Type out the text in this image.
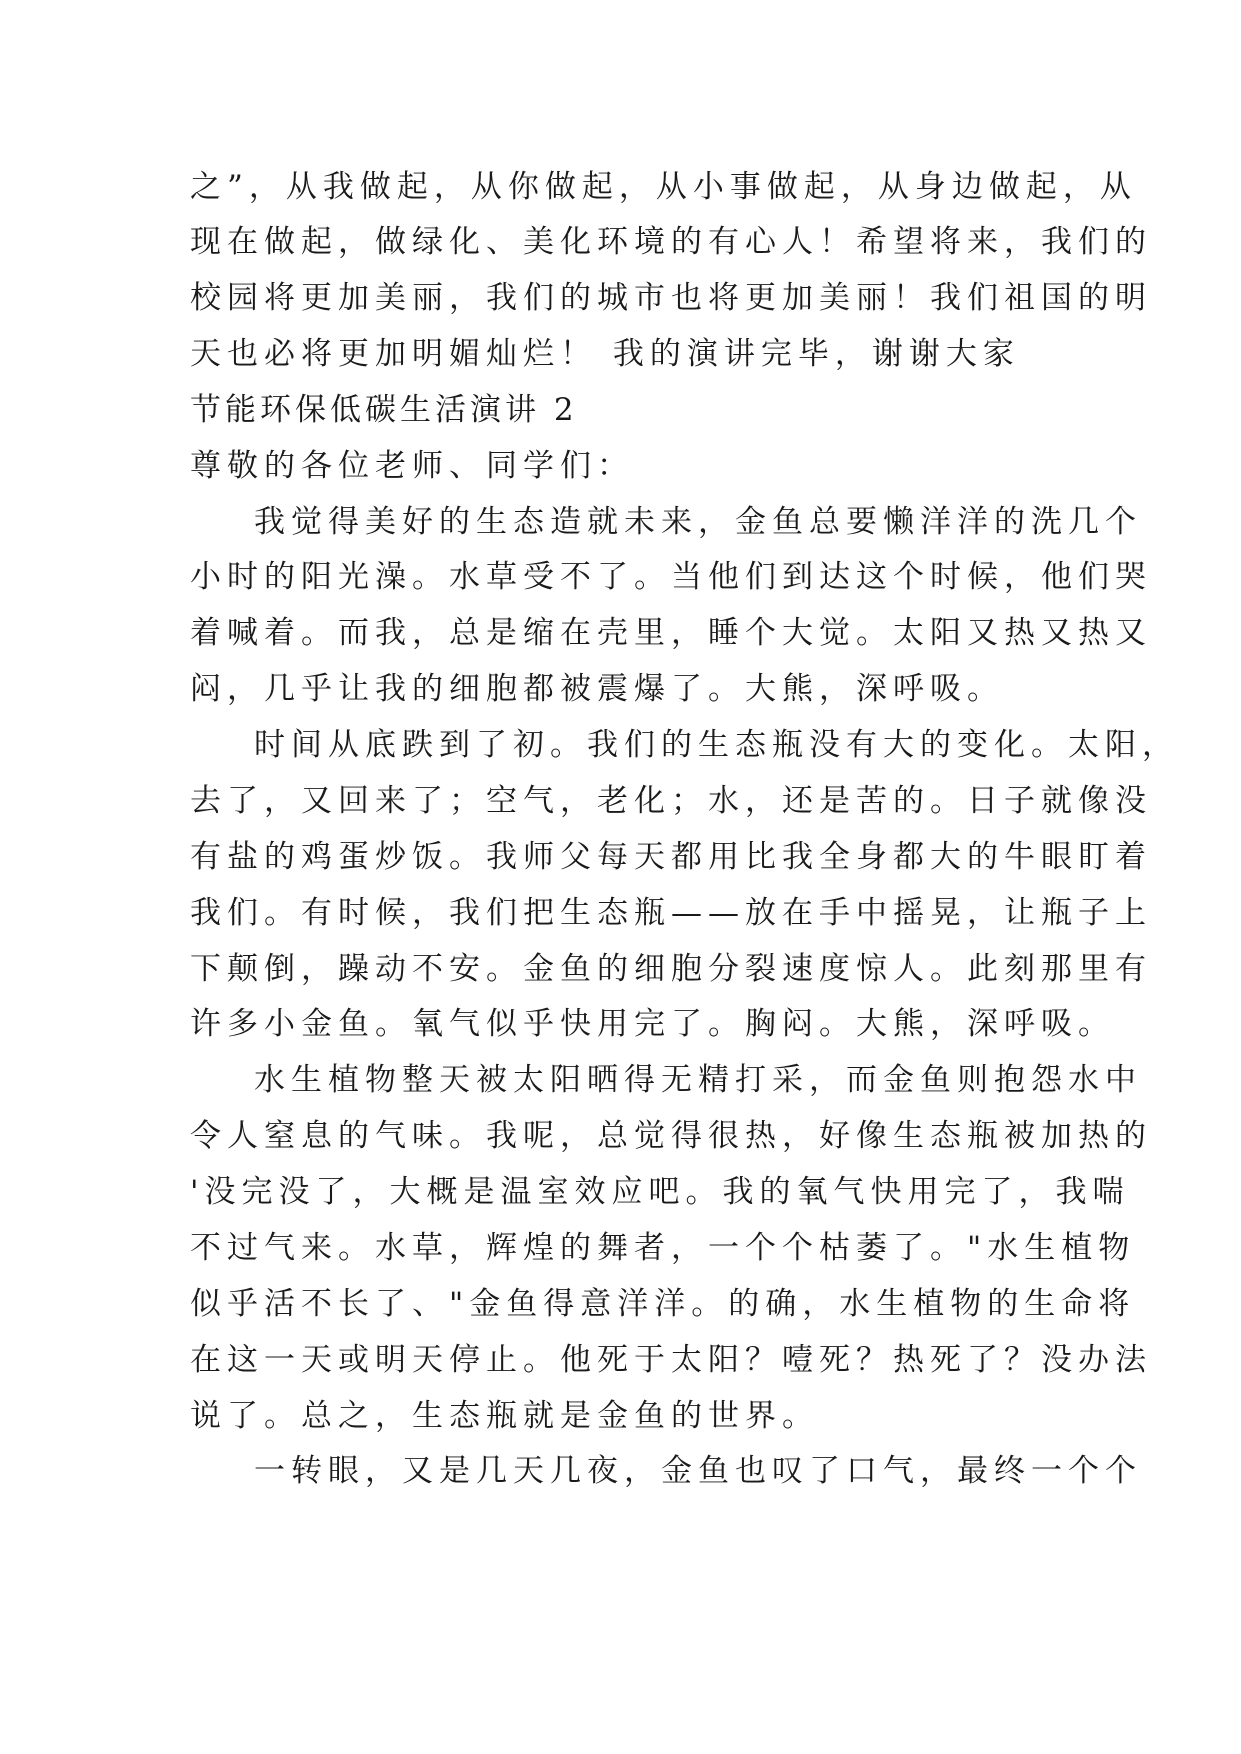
之”，从我做起，从你做起，从小事做起，从身边做起，从
现在做起，做绿化、美化环境的有心人！希望将来，我们的
校园将更加美丽，我们的城市也将更加美丽！我们祖国的明
天也必将更加明媚灿烂！ 我的演讲完毕，谢谢大家
节能环保低碳生活演讲 2
尊敬的各位老师、同学们：
我觉得美好的生态造就未来，金鱼总要懒洋洋的洗几个
小时的阳光澡。水草受不了。当他们到达这个时候，他们哭
着喊着。而我，总是缩在壳里，睡个大觉。太阳又热又热又
闷，几乎让我的细胞都被震爆了。大熊，深呼吸。
时间从底跌到了初。我们的生态瓶没有大的变化。太阳，
去了，又回来了；空气，老化；水，还是苦的。日子就像没
有盐的鸡蛋炒饭。我师父每天都用比我全身都大的牛眼盯着
我们。有时候，我们把生态瓶——放在手中摇晃，让瓶子上
下颠倒，躁动不安。金鱼的细胞分裂速度惊人。此刻那里有
许多小金鱼。氧气似乎快用完了。胸闷。大熊，深呼吸。
水生植物整天被太阳晒得无精打采，而金鱼则抱怨水中
令人窒息的气味。我呢，总觉得很热，好像生态瓶被加热的
'没完没了，大概是温室效应吧。我的氧气快用完了，我喘
不过气来。水草，辉煌的舞者，一个个枯萎了。"水生植物
似乎活不长了、"金鱼得意洋洋。的确，水生植物的生命将
在这一天或明天停止。他死于太阳？噎死？热死了？没办法
说了。总之，生态瓶就是金鱼的世界。
一转眼，又是几天几夜，金鱼也叹了口气，最终一个个
